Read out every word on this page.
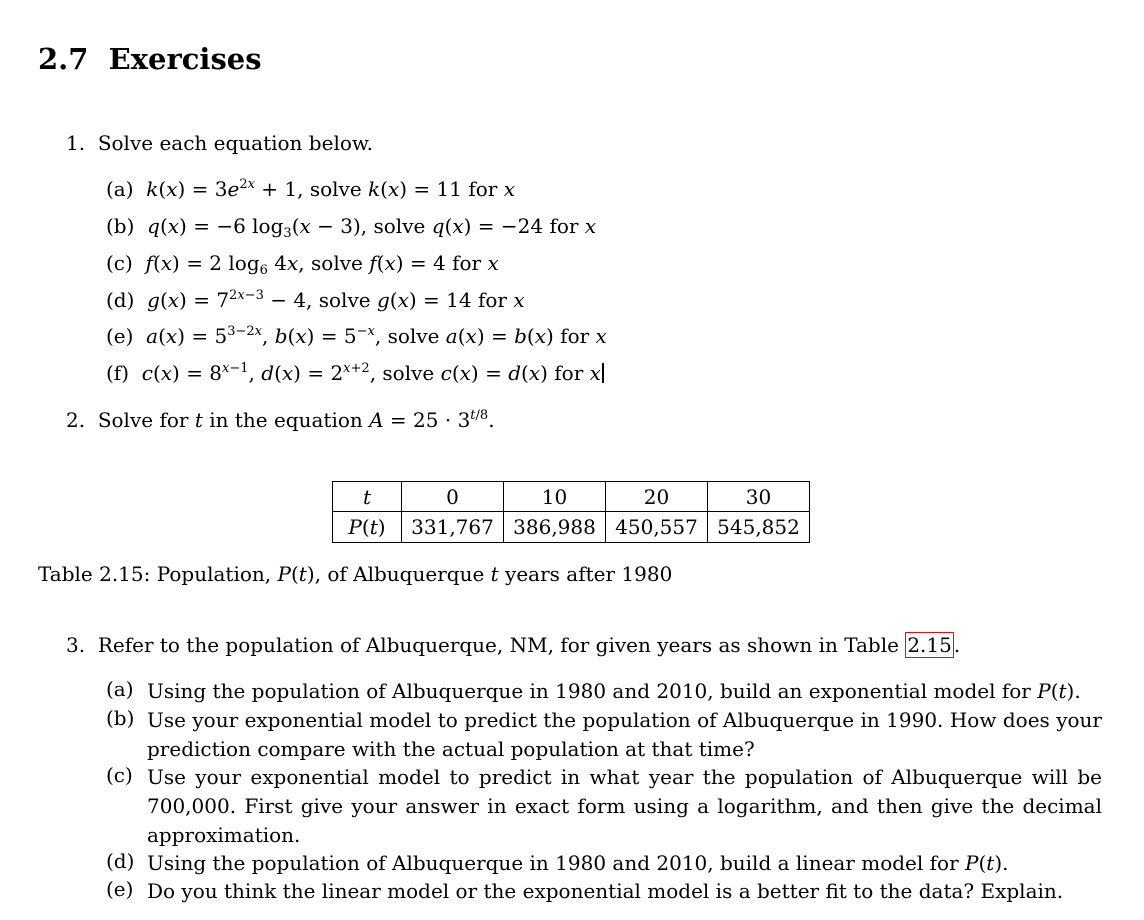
2.7 Exercises
1. Solve each equation below.
(a) $k(x) = 3e^{2x} + 1$, solve k(x) = 11 for x
(b) q(x) = −6 $\log_3(x - 3)$, solve q(x) = −24 for x
(c) f(x) = 2 $\log_6 4x$, solve f(x) = 4 for x
(d) $g(x) = 7^{2x-3} - 4$, solve g(x) = 14 for x
(e) $a(x) = 5^{3-2x}$, $b(x) = 5^{-x}$, solve a(x) = b(x) for x
(f) $c(x) = 8^{x-1}$, $d(x) = 2^{x+2}$, solve c(x) = d(x) for x
2. Solve for t in the equation $A = 25 \cdot 3^{t/8}$.
t	0	10	20	30
P(t)	331,767	386,988	450,557	545,852
Table 2.15: Population, P(t), of Albuquerque t years after 1980
3. Refer to the population of Albuquerque, NM, for given years as shown in Table 2.15 .
(a) Using the population of Albuquerque in 1980 and 2010, build an exponential model for P(t).
(b) Use your exponential model to predict the population of Albuquerque in 1990. How does your prediction compare with the actual population at that time?
(c) Use your exponential model to predict in what year the population of Albuquerque will be 700,000. First give your answer in exact form using a logarithm, and then give the decimal approximation.
(d) Using the population of Albuquerque in 1980 and 2010, build a linear model for P(t).
(e) Do you think the linear model or the exponential model is a better fit to the data? Explain.
